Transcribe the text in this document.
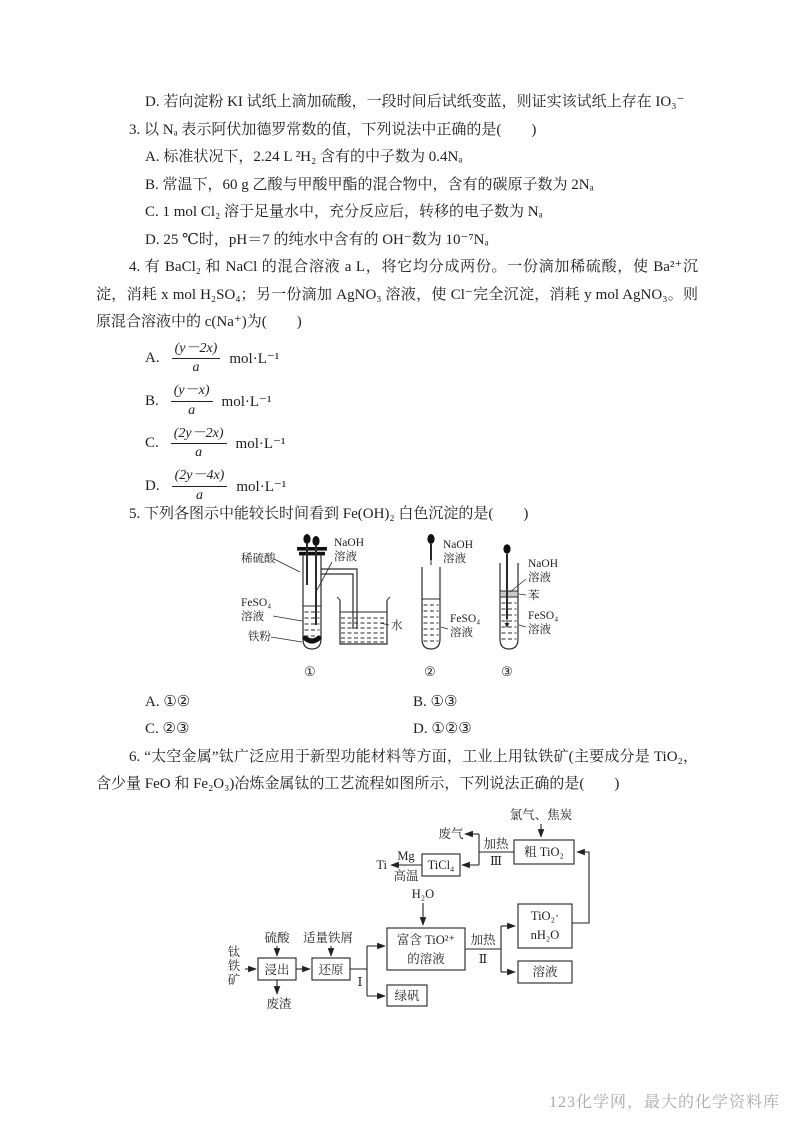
D. 若向淀粉 KI 试纸上滴加硫酸，一段时间后试纸变蓝，则证实该试纸上存在 IO₃⁻

3. 以 Nₐ 表示阿伏加德罗常数的值，下列说法中正确的是(　　)

A. 标准状况下，2.24 L ²H₂ 含有的中子数为 0.4Nₐ

B. 常温下，60 g 乙酸与甲酸甲酯的混合物中，含有的碳原子数为 2Nₐ

C. 1 mol Cl₂ 溶于足量水中，充分反应后，转移的电子数为 Nₐ

D. 25 ℃时，pH＝7 的纯水中含有的 OH⁻数为 10⁻⁷Nₐ

4. 有 BaCl₂ 和 NaCl 的混合溶液 a L，将它均分成两份。一份滴加稀硫酸，使 Ba²⁺沉淀，消耗 x mol H₂SO₄；另一份滴加 AgNO₃ 溶液，使 Cl⁻完全沉淀，消耗 y mol AgNO₃。则原混合溶液中的 c(Na⁺)为(　　)

A. $\frac{(y-2x)}{a} mol\cdot L^{-1}$
B. $\frac{(y-x)}{a} mol\cdot L^{-1}$
C. $\frac{(2y-2x)}{a} mol\cdot L^{-1}$
D. $\frac{(2y-4x)}{a} mol\cdot L^{-1}$

5. 下列各图示中能较长时间看到 Fe(OH)₂ 白色沉淀的是(　　)

稀硫酸
NaOH
溶液
FeSO₄
溶液
铁粉
水
NaOH
溶液
FeSO₄
溶液
NaOH
溶液
苯
FeSO₄
溶液
①	②	③

A. ①②	B. ①③

C. ②③	D. ①②③

6. “太空金属”钛广泛应用于新型功能材料等方面，工业上用钛铁矿(主要成分是 TiO₂，含少量 FeO 和 Fe₂O₃)冶炼金属钛的工艺流程如图所示，下列说法正确的是(　　)

氯气、焦炭
粗 TiO₂
废气
加热
Ⅲ
TiCl₄
Mg
高温
Ti
H₂O
富含 TiO²⁺
的溶液
加热
Ⅱ
TiO₂·
nH₂O
溶液
钛
铁
矿
硫酸
浸出
废渣
适量铁屑
还原
Ⅰ
绿矾
123化学网，最大的化学资料库
